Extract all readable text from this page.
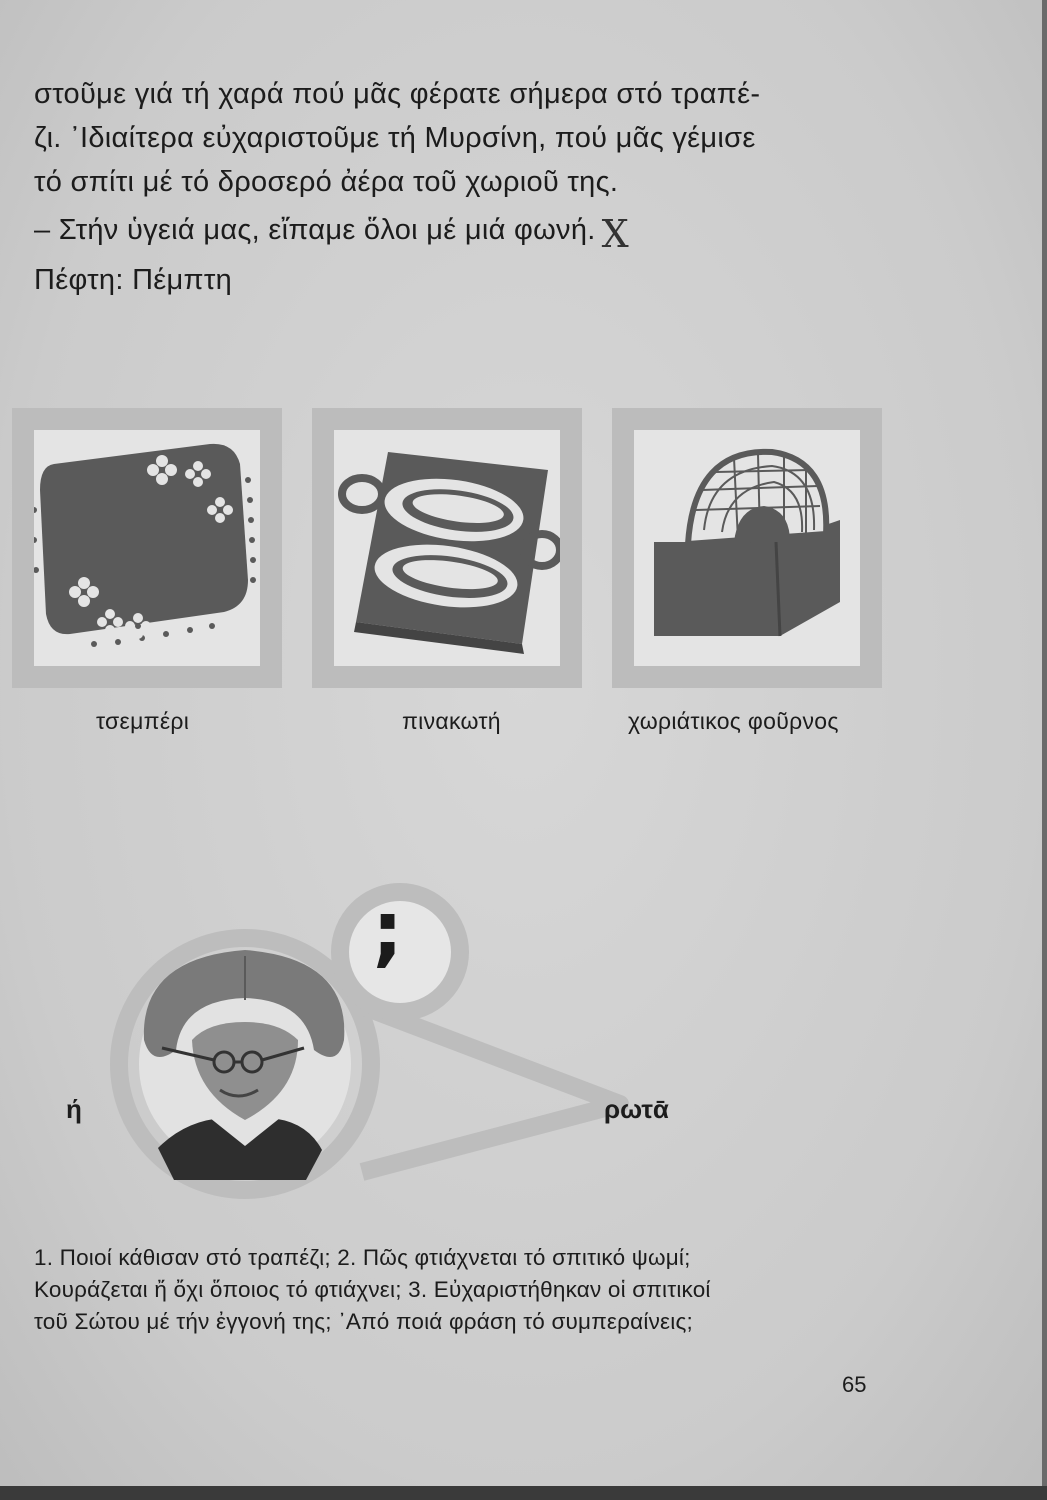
στοῦμε γιά τή χαρά πού μᾶς φέρατε σήμερα στό τραπέ-
ζι. ᾿Ιδιαίτερα εὐχαριστοῦμε τή Μυρσίνη, πού μᾶς γέμισε
τό σπίτι μέ τό δροσερό ἀέρα τοῦ χωριοῦ της.
– Στήν ὑγειά μας, εἴπαμε ὅλοι μέ μιά φωνή. X
Πέφτη: Πέμπτη
τσεμπέρι	πινακωτή	χωριάτικος φοῦρνος
;
ή	ρωτᾱ
1. Ποιοί κάθισαν στό τραπέζι; 2. Πῶς φτιάχνεται τό σπιτικό ψωμί;
Κουράζεται ἤ ὄχι ὅποιος τό φτιάχνει; 3. Εὐχαριστήθηκαν οἱ σπιτικοί
τοῦ Σώτου μέ τήν ἐγγονή της; ᾿Από ποιά φράση τό συμπεραίνεις;
65
